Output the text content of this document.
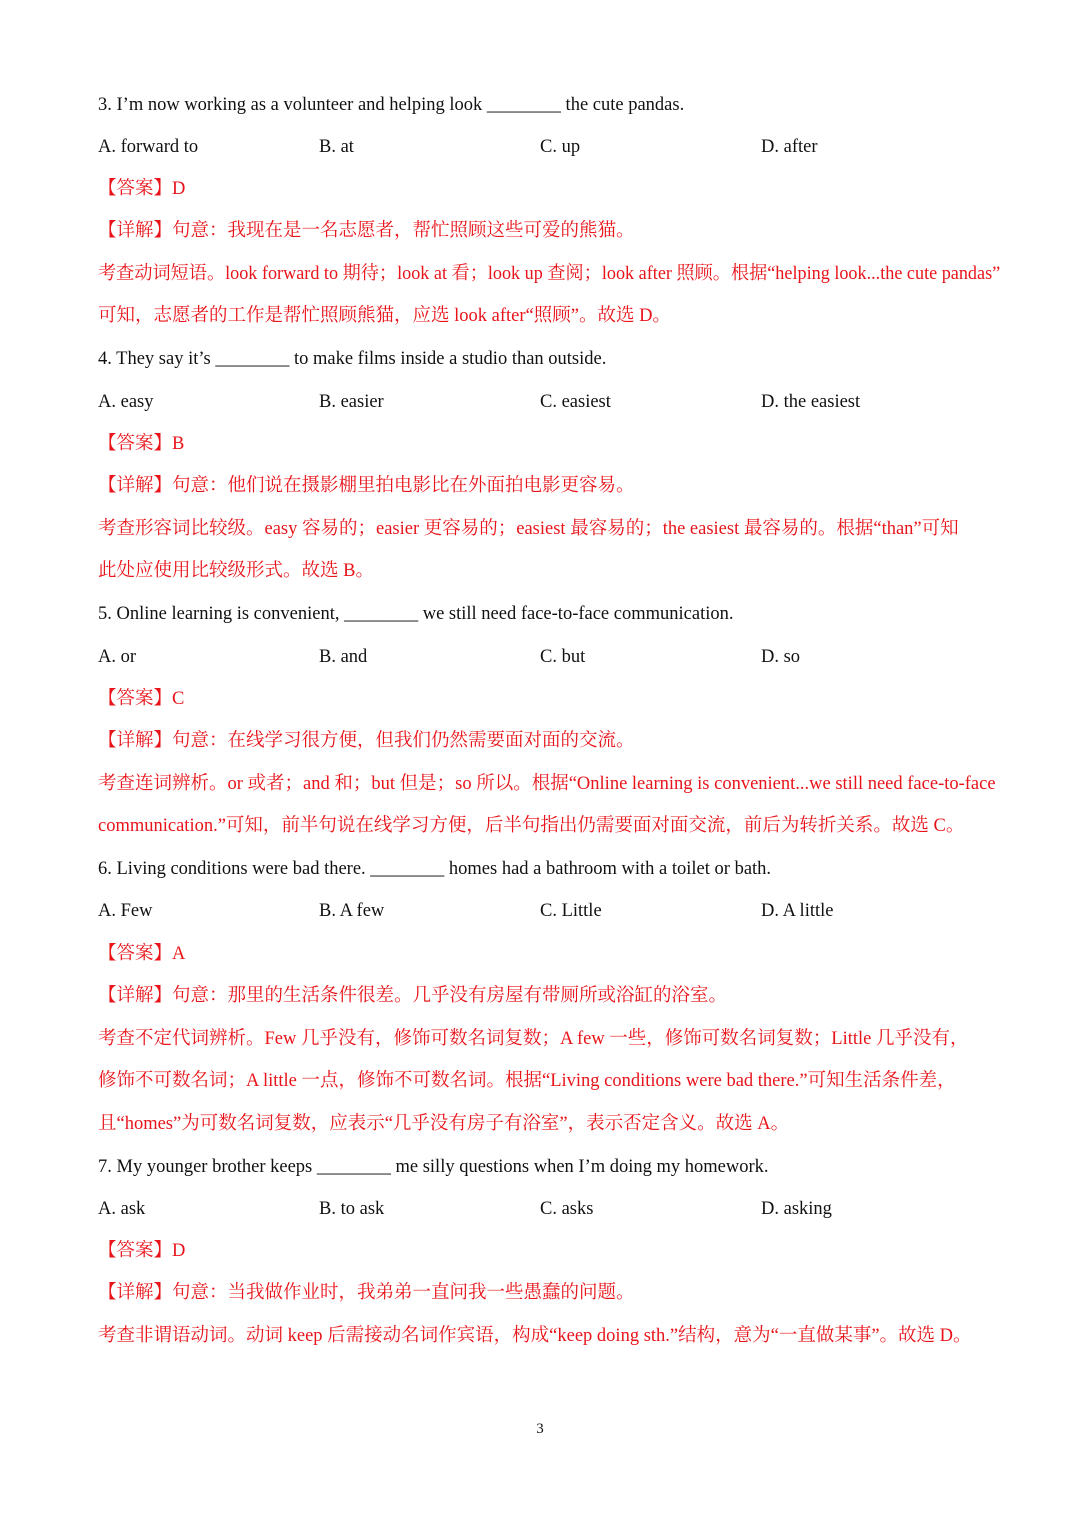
3. I’m now working as a volunteer and helping look ________ the cute pandas.
A. forward to	B. at	C. up	D. after
【答案】D
【详解】句意：我现在是一名志愿者，帮忙照顾这些可爱的熊猫。
考查动词短语。look forward to 期待；look at 看；look up 查阅；look after 照顾。根据“helping look...the cute pandas”
可知，志愿者的工作是帮忙照顾熊猫，应选 look after“照顾”。故选 D。
4. They say it’s ________ to make films inside a studio than outside.
A. easy	B. easier	C. easiest	D. the easiest
【答案】B
【详解】句意：他们说在摄影棚里拍电影比在外面拍电影更容易。
考查形容词比较级。easy 容易的；easier 更容易的；easiest 最容易的；the easiest 最容易的。根据“than”可知
此处应使用比较级形式。故选 B。
5. Online learning is convenient, ________ we still need face-to-face communication.
A. or	B. and	C. but	D. so
【答案】C
【详解】句意：在线学习很方便，但我们仍然需要面对面的交流。
考查连词辨析。or 或者；and 和；but 但是；so 所以。根据“Online learning is convenient...we still need face-to-face
communication.”可知，前半句说在线学习方便，后半句指出仍需要面对面交流，前后为转折关系。故选 C。
6. Living conditions were bad there. ________ homes had a bathroom with a toilet or bath.
A. Few	B. A few	C. Little	D. A little
【答案】A
【详解】句意：那里的生活条件很差。几乎没有房屋有带厕所或浴缸的浴室。
考查不定代词辨析。Few 几乎没有，修饰可数名词复数；A few 一些，修饰可数名词复数；Little 几乎没有，
修饰不可数名词；A little 一点，修饰不可数名词。根据“Living conditions were bad there.”可知生活条件差，
且“homes”为可数名词复数，应表示“几乎没有房子有浴室”，表示否定含义。故选 A。
7. My younger brother keeps ________ me silly questions when I’m doing my homework.
A. ask	B. to ask	C. asks	D. asking
【答案】D
【详解】句意：当我做作业时，我弟弟一直问我一些愚蠢的问题。
考查非谓语动词。动词 keep 后需接动名词作宾语，构成“keep doing sth.”结构，意为“一直做某事”。故选 D。
3
